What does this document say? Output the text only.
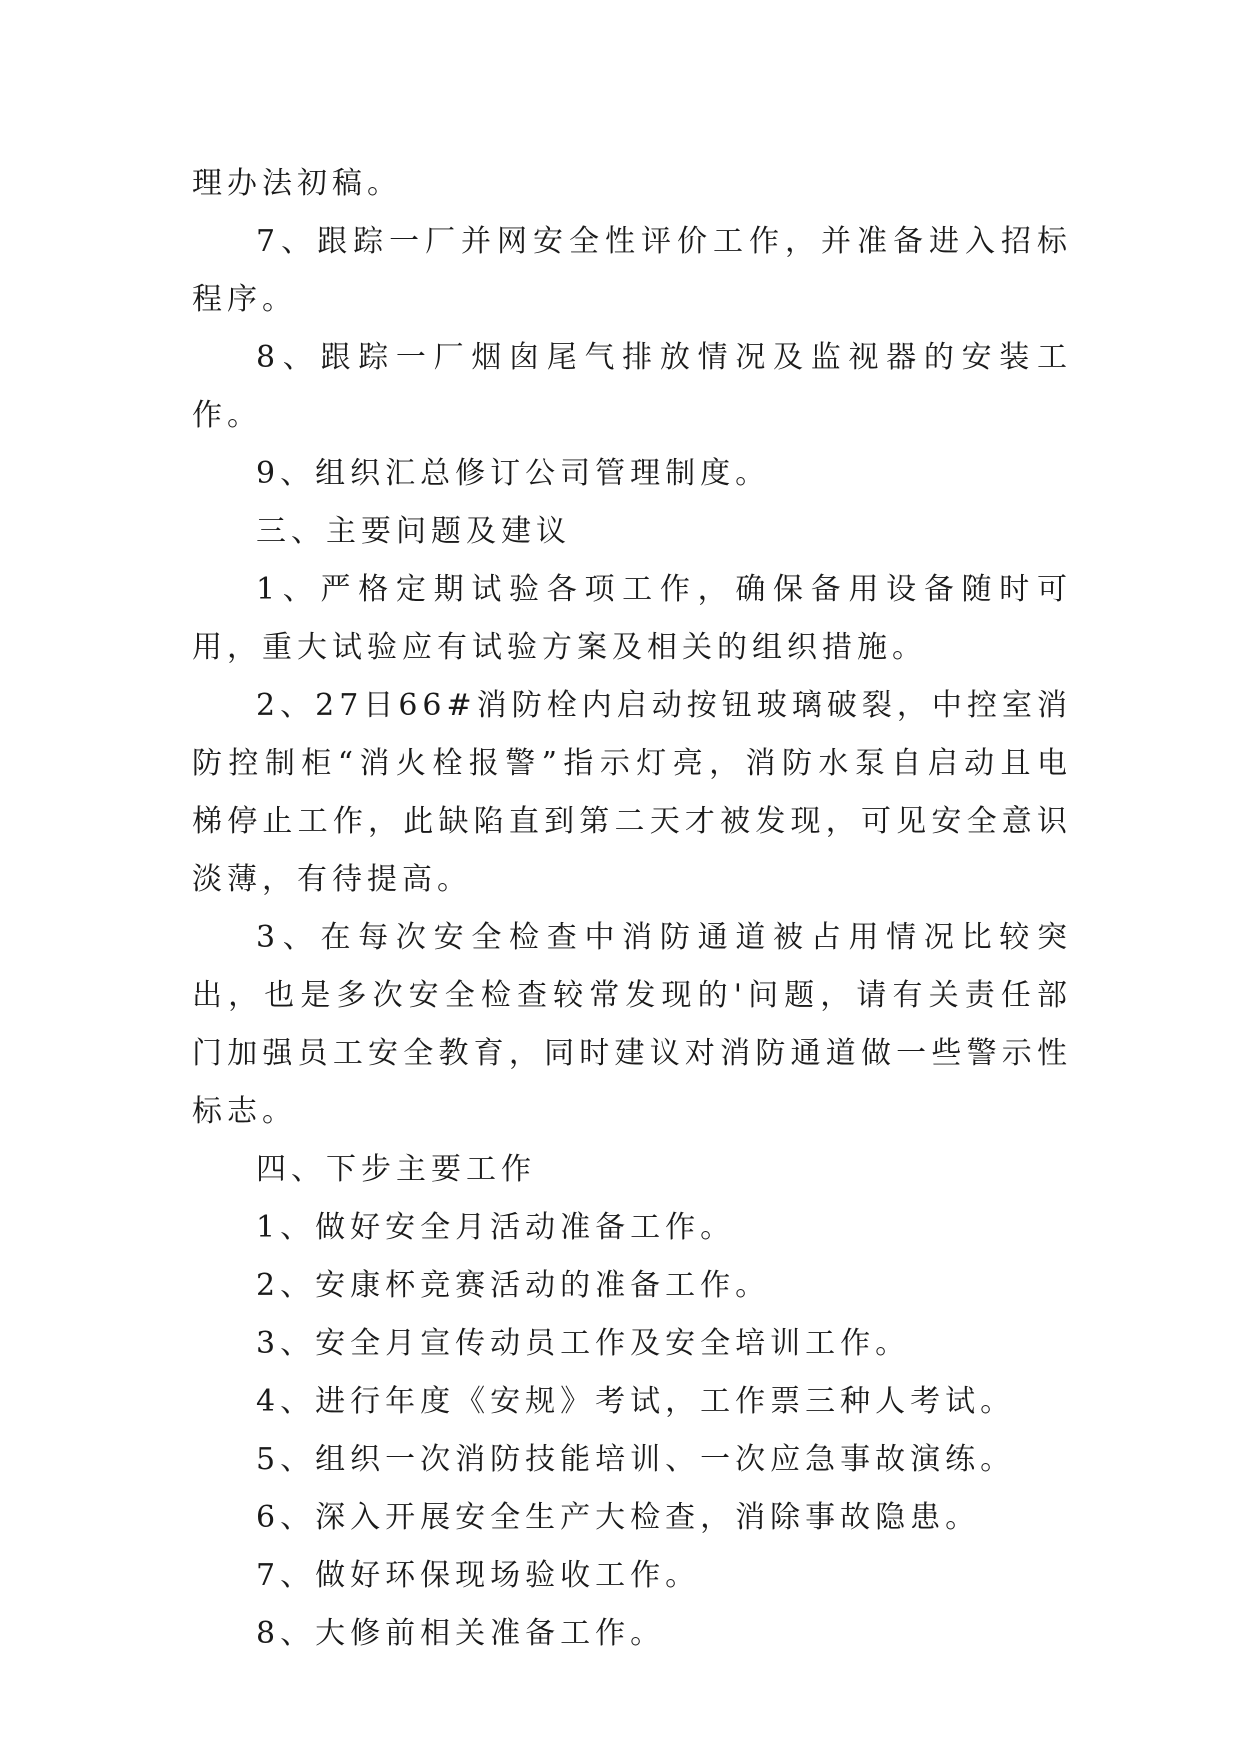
理办法初稿。

7、跟踪一厂并网安全性评价工作，并准备进入招标程序。

8、跟踪一厂烟囱尾气排放情况及监视器的安装工作。

9、组织汇总修订公司管理制度。

三、主要问题及建议

1、严格定期试验各项工作，确保备用设备随时可用，重大试验应有试验方案及相关的组织措施。

2、27日66#消防栓内启动按钮玻璃破裂，中控室消防控制柜“消火栓报警”指示灯亮，消防水泵自启动且电梯停止工作，此缺陷直到第二天才被发现，可见安全意识淡薄，有待提高。

3、在每次安全检查中消防通道被占用情况比较突出，也是多次安全检查较常发现的'问题，请有关责任部门加强员工安全教育，同时建议对消防通道做一些警示性标志。

四、下步主要工作

1、做好安全月活动准备工作。

2、安康杯竞赛活动的准备工作。

3、安全月宣传动员工作及安全培训工作。

4、进行年度《安规》考试，工作票三种人考试。

5、组织一次消防技能培训、一次应急事故演练。

6、深入开展安全生产大检查，消除事故隐患。

7、做好环保现场验收工作。

8、大修前相关准备工作。
